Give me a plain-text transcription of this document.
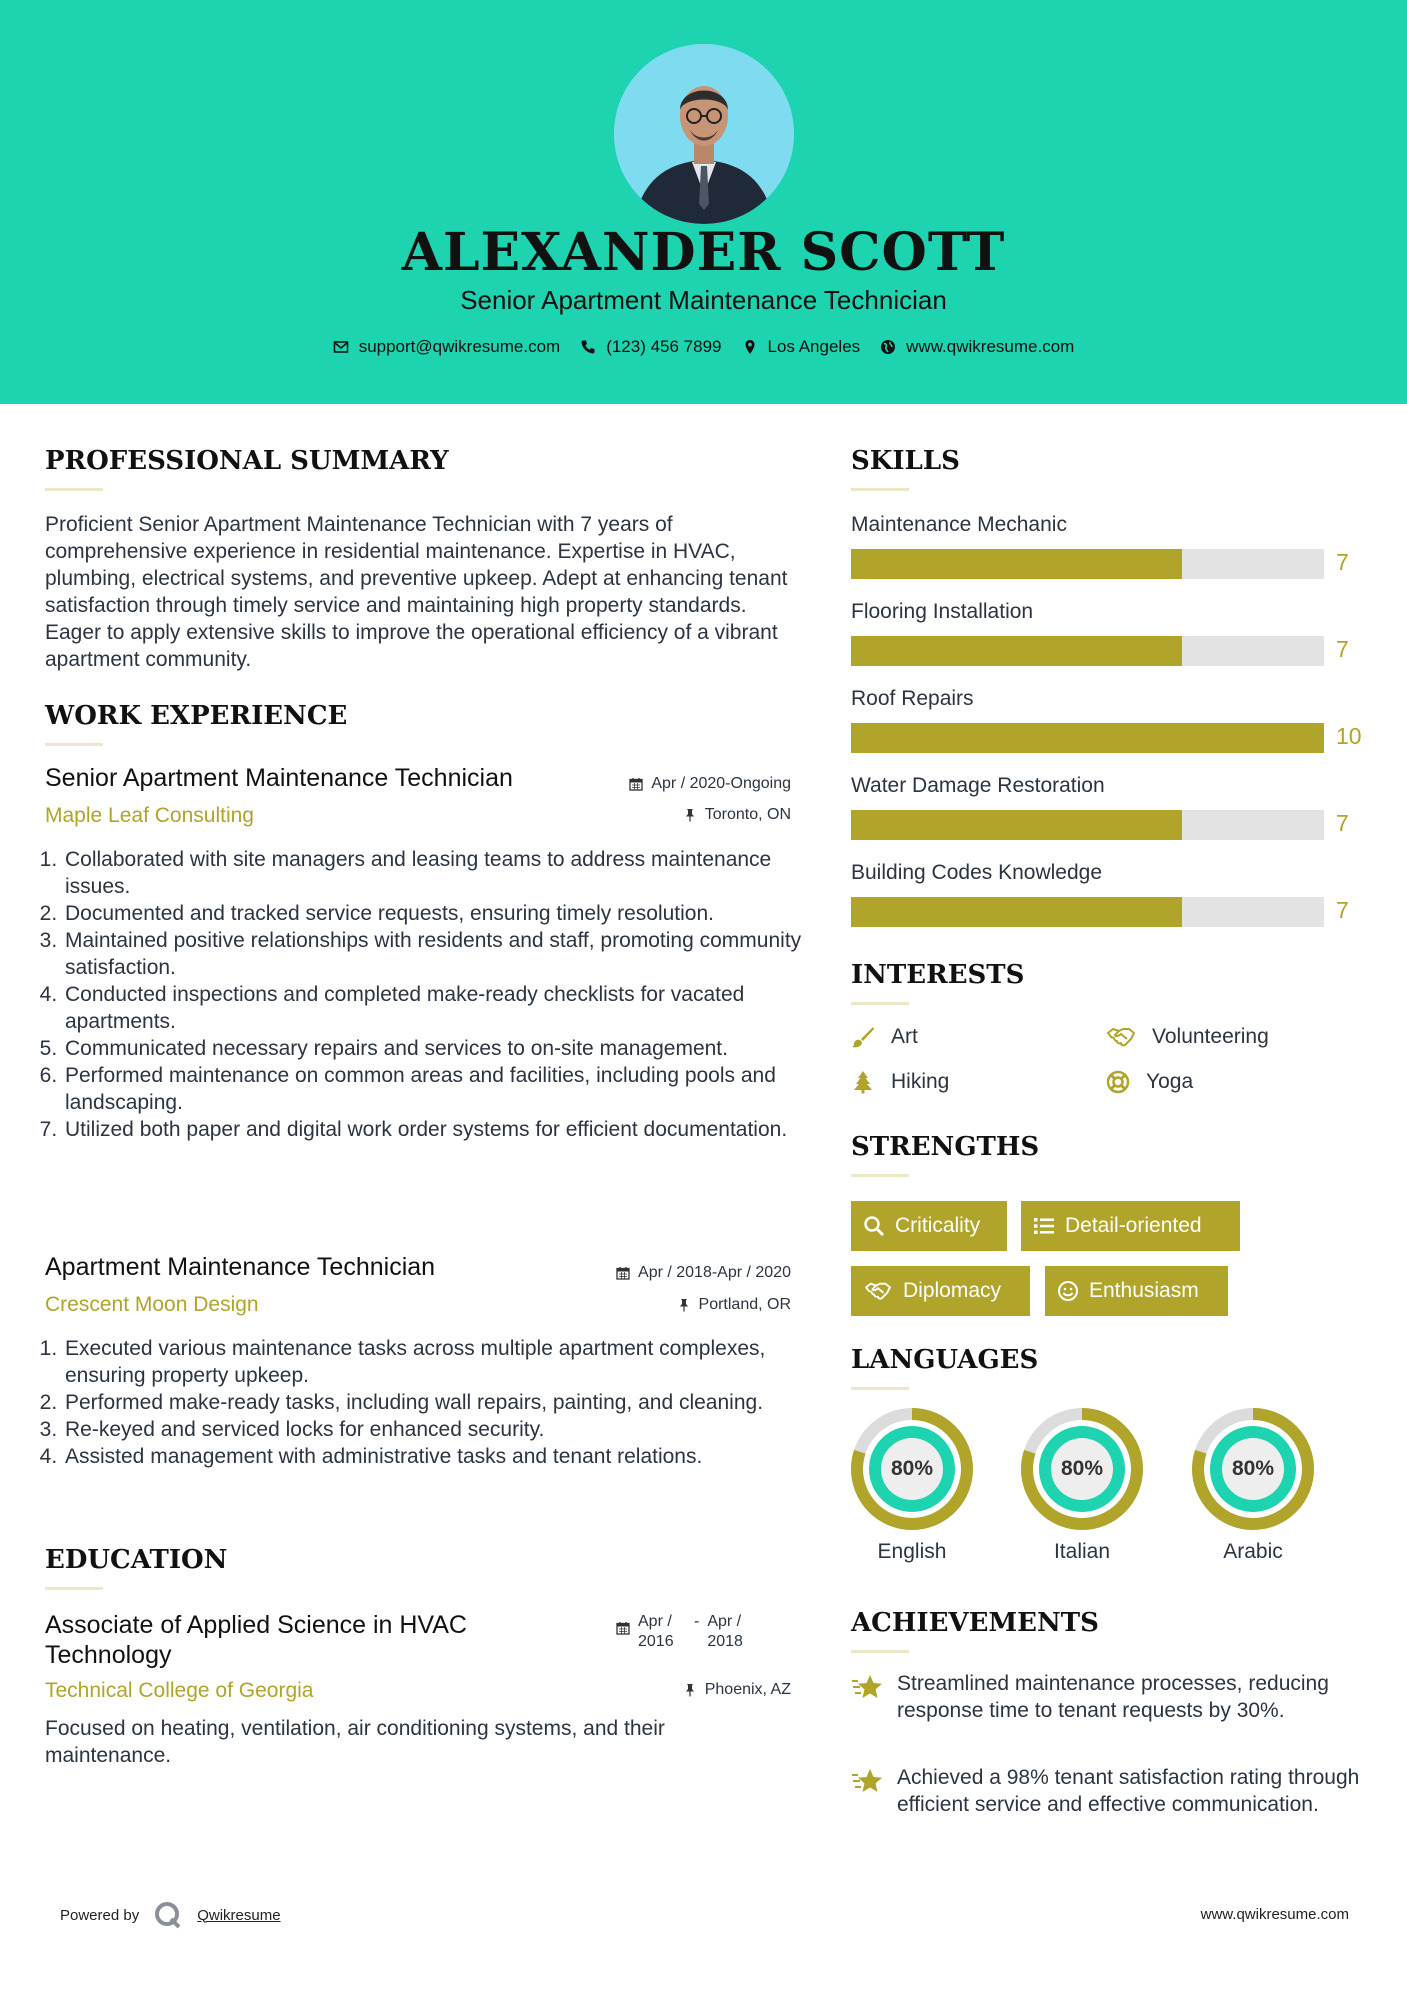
ALEXANDER SCOTT
Senior Apartment Maintenance Technician
support@qwikresume.com	(123) 456 7899	Los Angeles	www.qwikresume.com
PROFESSIONAL SUMMARY
Proficient Senior Apartment Maintenance Technician with 7 years of comprehensive experience in residential maintenance. Expertise in HVAC, plumbing, electrical systems, and preventive upkeep. Adept at enhancing tenant satisfaction through timely service and maintaining high property standards. Eager to apply extensive skills to improve the operational efficiency of a vibrant apartment community.
WORK EXPERIENCE
Senior Apartment Maintenance Technician	Apr / 2020-Ongoing
Maple Leaf Consulting	Toronto, ON
1. Collaborated with site managers and leasing teams to address maintenance issues.
2. Documented and tracked service requests, ensuring timely resolution.
3. Maintained positive relationships with residents and staff, promoting community satisfaction.
4. Conducted inspections and completed make-ready checklists for vacated apartments.
5. Communicated necessary repairs and services to on-site management.
6. Performed maintenance on common areas and facilities, including pools and landscaping.
7. Utilized both paper and digital work order systems for efficient documentation.
Apartment Maintenance Technician	Apr / 2018-Apr / 2020
Crescent Moon Design	Portland, OR
1. Executed various maintenance tasks across multiple apartment complexes, ensuring property upkeep.
2. Performed make-ready tasks, including wall repairs, painting, and cleaning.
3. Re-keyed and serviced locks for enhanced security.
4. Assisted management with administrative tasks and tenant relations.
EDUCATION
Associate of Applied Science in HVAC Technology
Apr / 2016
- Apr / 2018
Technical College of Georgia	Phoenix, AZ
Focused on heating, ventilation, air conditioning systems, and their maintenance.
SKILLS
Maintenance Mechanic
7
Flooring Installation
7
Roof Repairs
10
Water Damage Restoration
7
Building Codes Knowledge
7
INTERESTS
Art	Volunteering
Hiking	Yoga
STRENGTHS
Criticality	Detail-oriented
Diplomacy	Enthusiasm
LANGUAGES
80%
English
80%
Italian
80%
Arabic
ACHIEVEMENTS
Streamlined maintenance processes, reducing response time to tenant requests by 30%.
Achieved a 98% tenant satisfaction rating through efficient service and effective communication.
Powered by	Qwikresume	www.qwikresume.com
